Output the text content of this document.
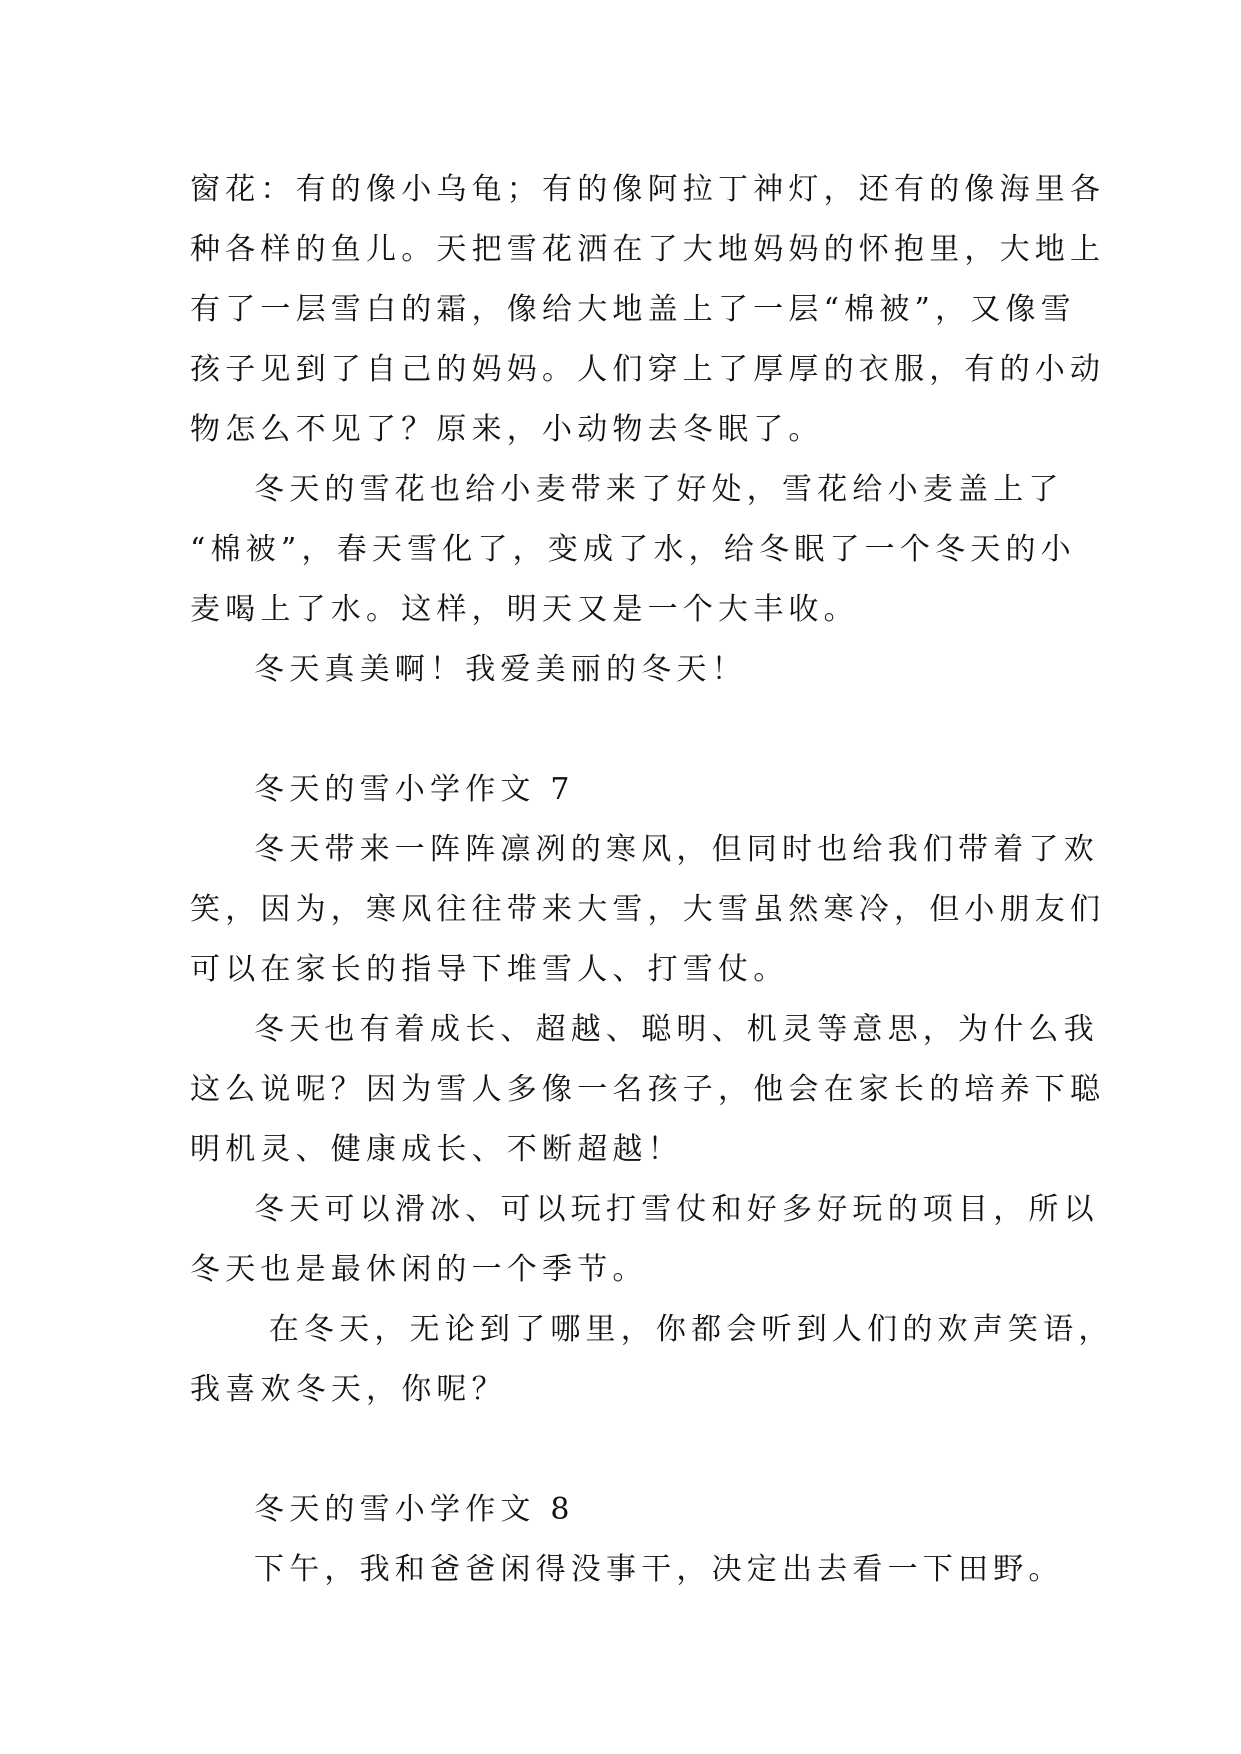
窗花：有的像小乌龟；有的像阿拉丁神灯，还有的像海里各
种各样的鱼儿。天把雪花洒在了大地妈妈的怀抱里，大地上
有了一层雪白的霜，像给大地盖上了一层“棉被”，又像雪
孩子见到了自己的妈妈。人们穿上了厚厚的衣服，有的小动
物怎么不见了？原来，小动物去冬眠了。
冬天的雪花也给小麦带来了好处，雪花给小麦盖上了
“棉被”，春天雪化了，变成了水，给冬眠了一个冬天的小
麦喝上了水。这样，明天又是一个大丰收。
冬天真美啊！我爱美丽的冬天！
冬天的雪小学作文 7
冬天带来一阵阵凛冽的寒风，但同时也给我们带着了欢
笑，因为，寒风往往带来大雪，大雪虽然寒冷，但小朋友们
可以在家长的指导下堆雪人、打雪仗。
冬天也有着成长、超越、聪明、机灵等意思，为什么我
这么说呢？因为雪人多像一名孩子，他会在家长的培养下聪
明机灵、健康成长、不断超越！
冬天可以滑冰、可以玩打雪仗和好多好玩的项目，所以
冬天也是最休闲的一个季节。
在冬天，无论到了哪里，你都会听到人们的欢声笑语，
我喜欢冬天，你呢？
冬天的雪小学作文 8
下午，我和爸爸闲得没事干，决定出去看一下田野。
